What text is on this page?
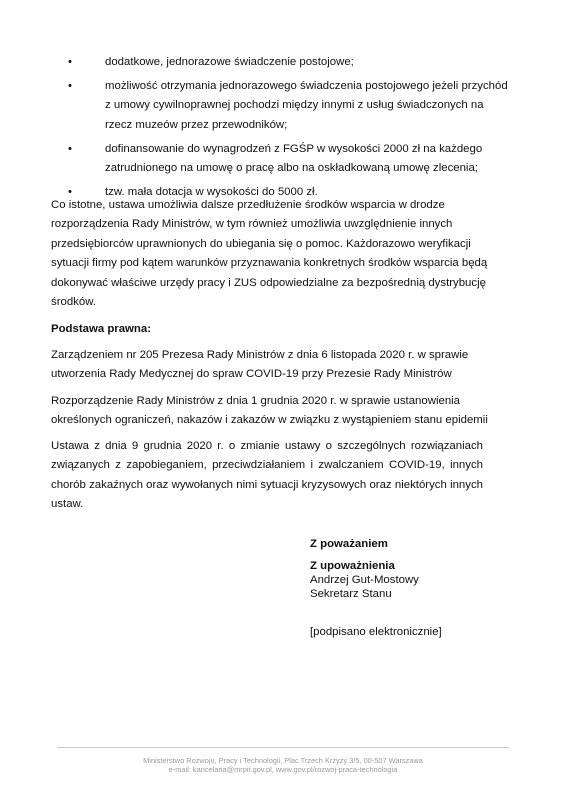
•	dodatkowe, jednorazowe świadczenie postojowe;
•	możliwość otrzymania jednorazowego świadczenia postojowego jeżeli przychód z umowy cywilnoprawnej pochodzi między innymi z usług świadczonych na rzecz muzeów przez przewodników;
•	dofinansowanie do wynagrodzeń z FGŚP w wysokości 2000 zł na każdego zatrudnionego na umowę o pracę albo na oskładkowaną umowę zlecenia;
•	tzw. mała dotacja w wysokości do 5000 zł.

Co istotne, ustawa umożliwia dalsze przedłużenie środków wsparcia w drodze rozporządzenia Rady Ministrów, w tym również umożliwia uwzględnienie innych przedsiębiorców uprawnionych do ubiegania się o pomoc. Każdorazowo weryfikacji sytuacji firmy pod kątem warunków przyznawania konkretnych środków wsparcia będą dokonywać właściwe urzędy pracy i ZUS odpowiedzialne za bezpośrednią dystrybucję środków.

Podstawa prawna:

Zarządzeniem nr 205 Prezesa Rady Ministrów z dnia 6 listopada 2020 r. w sprawie utworzenia Rady Medycznej do spraw COVID-19 przy Prezesie Rady Ministrów

Rozporządzenie Rady Ministrów z dnia 1 grudnia 2020 r. w sprawie ustanowienia określonych ograniczeń, nakazów i zakazów w związku z wystąpieniem stanu epidemii

Ustawa z dnia 9 grudnia 2020 r. o zmianie ustawy o szczególnych rozwiązaniach związanych z zapobieganiem, przeciwdziałaniem i zwalczaniem COVID-19, innych chorób zakaźnych oraz wywołanych nimi sytuacji kryzysowych oraz niektórych innych ustaw.

Z poważaniem
Z upoważnienia
Andrzej Gut-Mostowy
Sekretarz Stanu
[podpisano elektronicznie]
Ministerstwo Rozwoju, Pracy i Technologii, Plac Trzech Krzyży 3/5, 00-507 Warszawa
e-mail: kancelaria@mrpit.gov.pl, www.gov.pl/rozwoj-praca-technologia
